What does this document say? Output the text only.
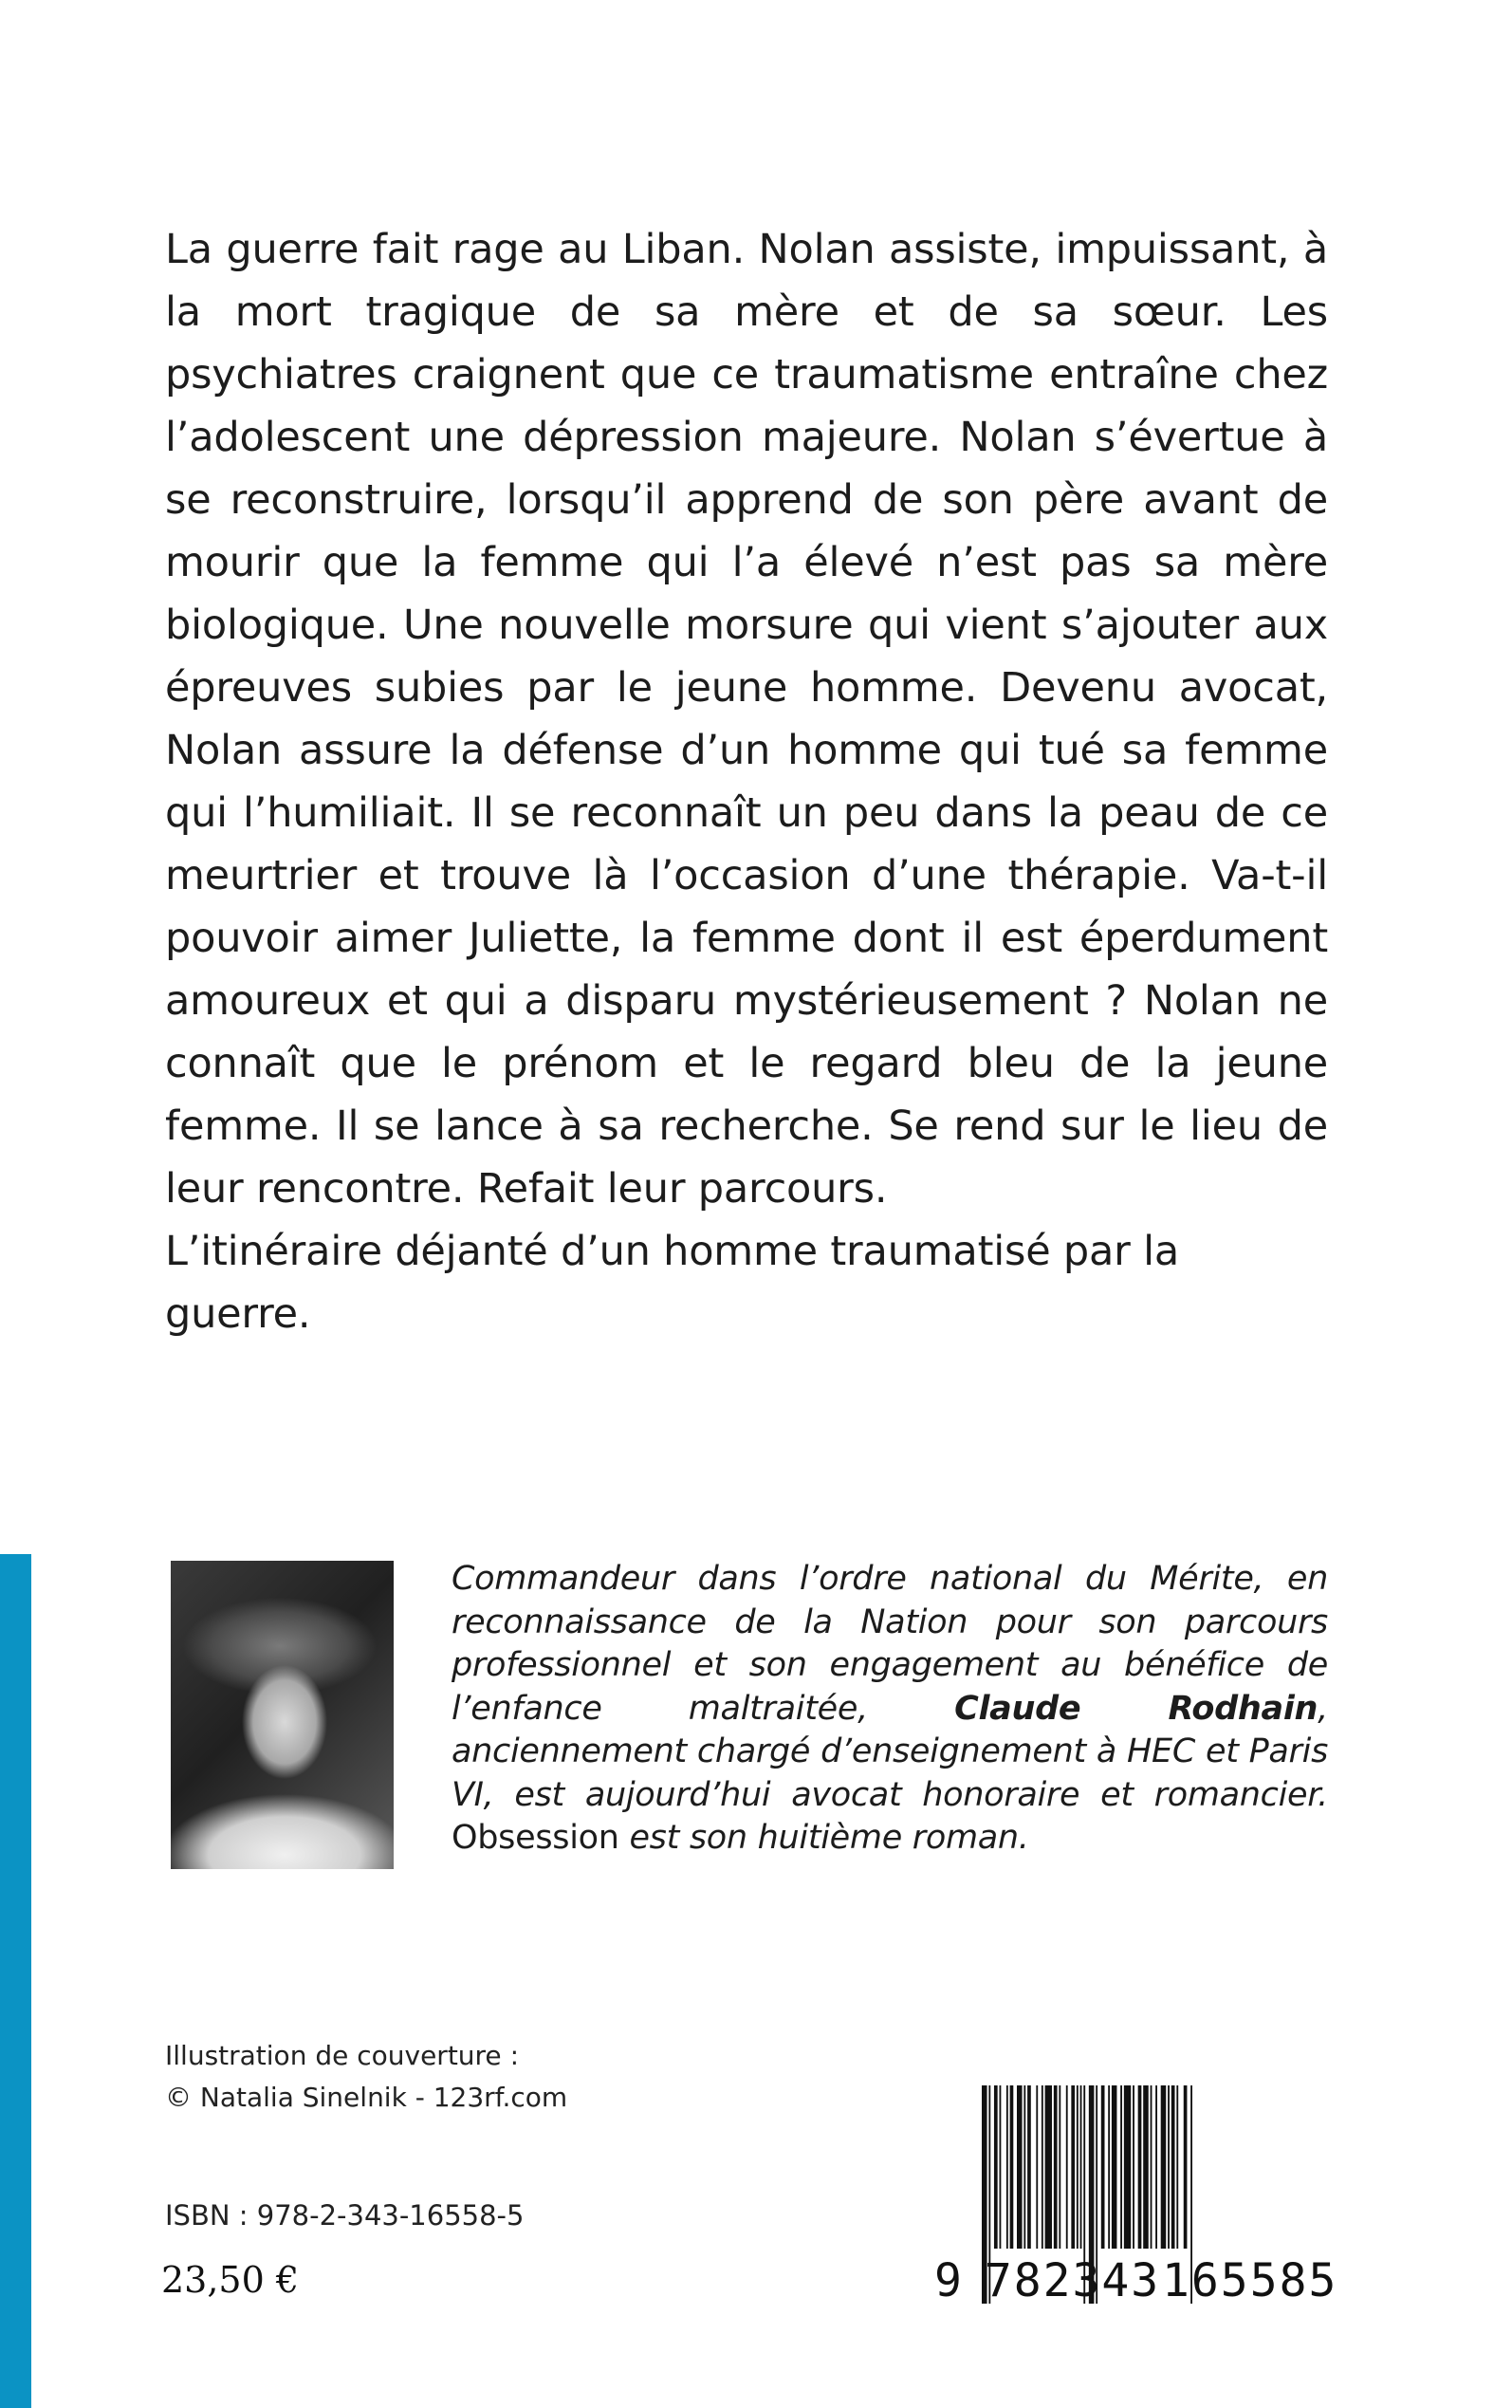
La guerre fait rage au Liban. Nolan assiste, impuissant, à la mort tragique de sa mère et de sa sœur. Les psychiatres craignent que ce traumatisme entraîne chez l’adolescent une dépression majeure. Nolan s’évertue à se reconstruire, lorsqu’il apprend de son père avant de mourir que la femme qui l’a élevé n’est pas sa mère biologique. Une nouvelle morsure qui vient s’ajouter aux épreuves subies par le jeune homme. Devenu avocat, Nolan assure la défense d’un homme qui tué sa femme qui l’humiliait. Il se reconnaît un peu dans la peau de ce meurtrier et trouve là l’occasion d’une thérapie. Va-t-il pouvoir aimer Juliette, la femme dont il est éperdument amoureux et qui a disparu mystérieusement ? Nolan ne connaît que le prénom et le regard bleu de la jeune femme. Il se lance à sa recherche. Se rend sur le lieu de leur rencontre. Refait leur parcours.

L’itinéraire déjanté d’un homme traumatisé par la guerre.

Commandeur dans l’ordre national du Mérite, en reconnaissance de la Nation pour son parcours professionnel et son engagement au bénéfice de l’enfance maltraitée, Claude Rodhain, anciennement chargé d’enseignement à HEC et Paris VI, est aujourd’hui avocat honoraire et romancier. Obsession est son huitième roman.

Illustration de couverture :
© Natalia Sinelnik - 123rf.com
ISBN : 978-2-343-16558-5
23,50 €	9 782343 165585
